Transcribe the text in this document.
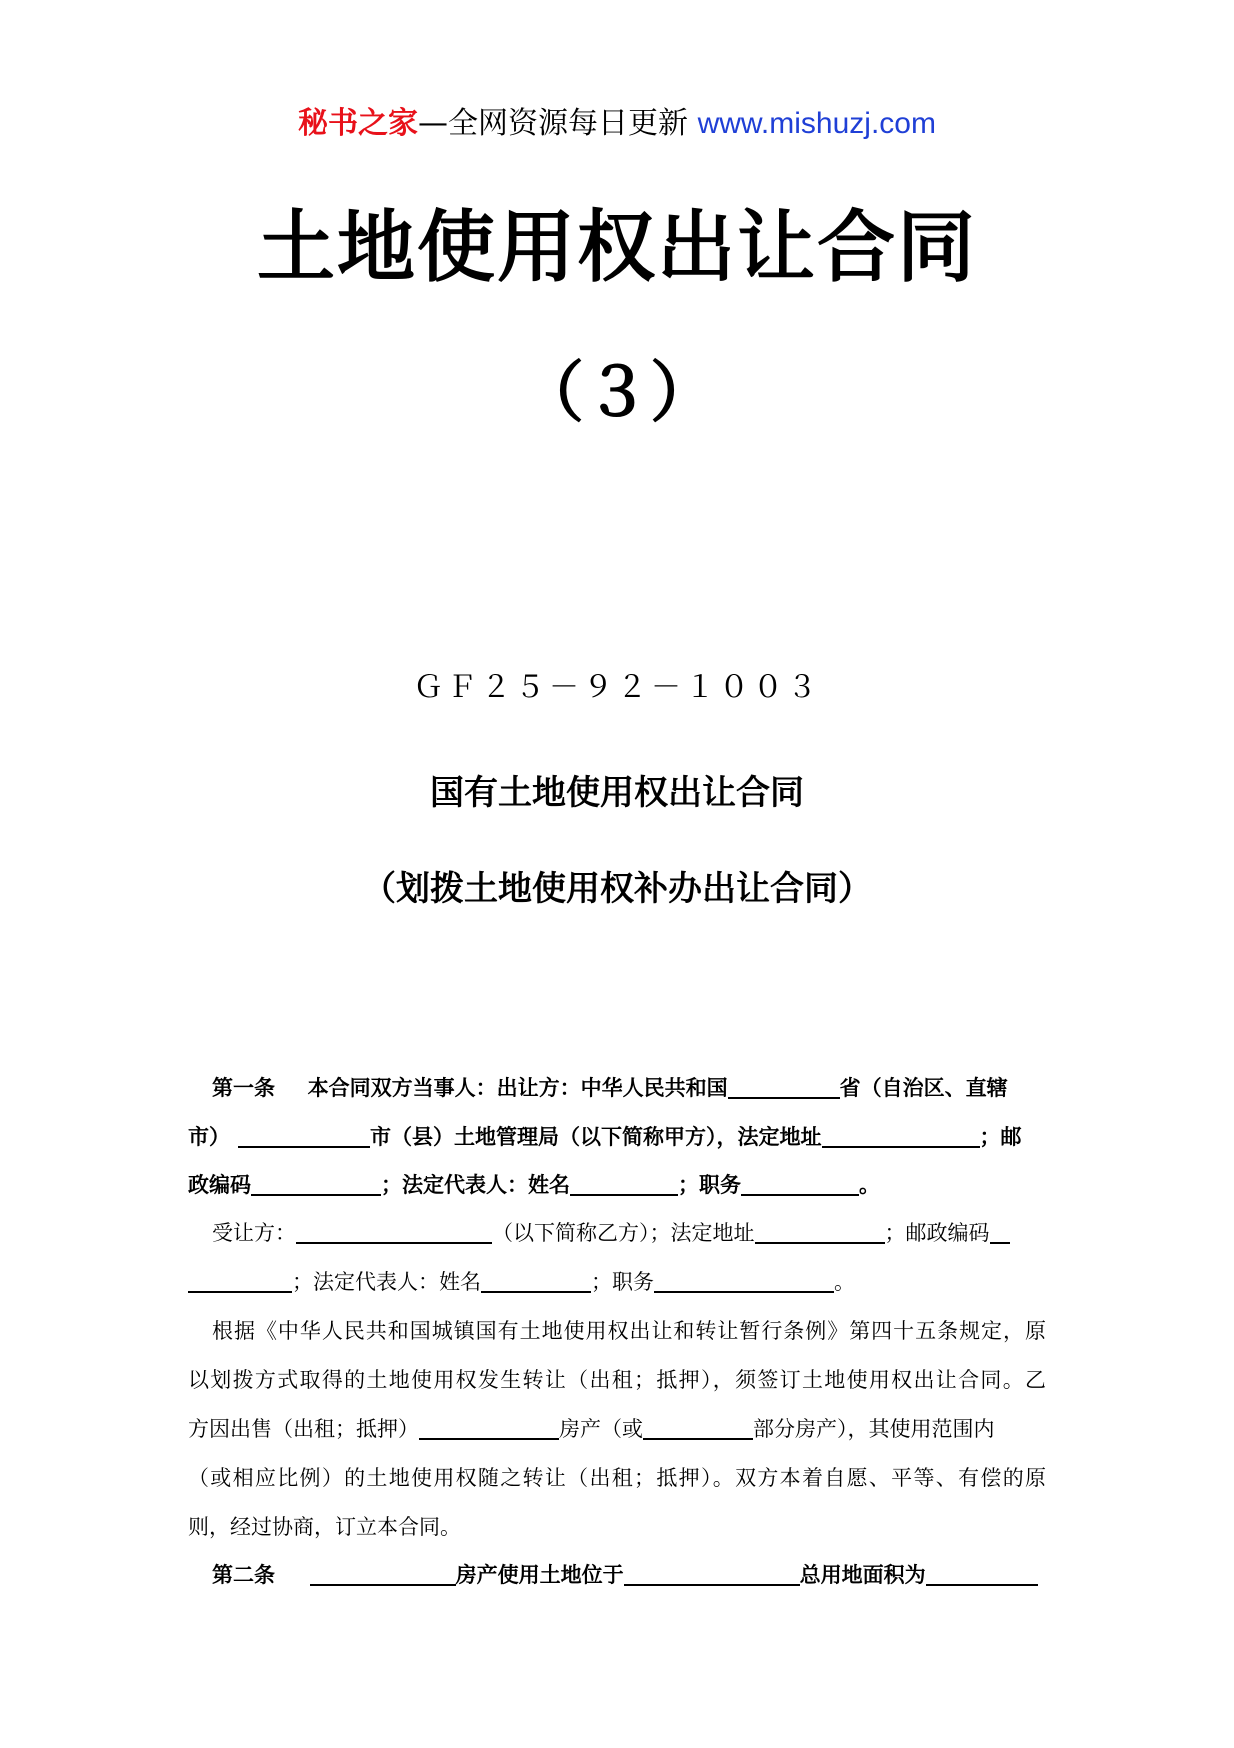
秘书之家—全网资源每日更新 www.mishuzj.com
土地使用权出让合同
（３）
ＧＦ２５－９２－１００３
国有土地使用权出让合同
（划拨土地使用权补办出让合同）
第一条 本合同双方当事人：出让方：中华人民共和国	省（自治区、直辖
市）	市（县）土地管理局（以下简称甲方），法定地址	；邮
政编码	；法定代表人：姓名	；职务	。
受让方：	（以下简称乙方）；法定地址	；邮政编码
；法定代表人：姓名	；职务	。
根据《中华人民共和国城镇国有土地使用权出让和转让暂行条例》第四十五条规定，原
以划拨方式取得的土地使用权发生转让（出租；抵押），须签订土地使用权出让合同。乙
方因出售（出租；抵押）	房产（或	部分房产），其使用范围内
（或相应比例）的土地使用权随之转让（出租；抵押）。双方本着自愿、平等、有偿的原
则，经过协商，订立本合同。
第二条	房产使用土地位于	总用地面积为
